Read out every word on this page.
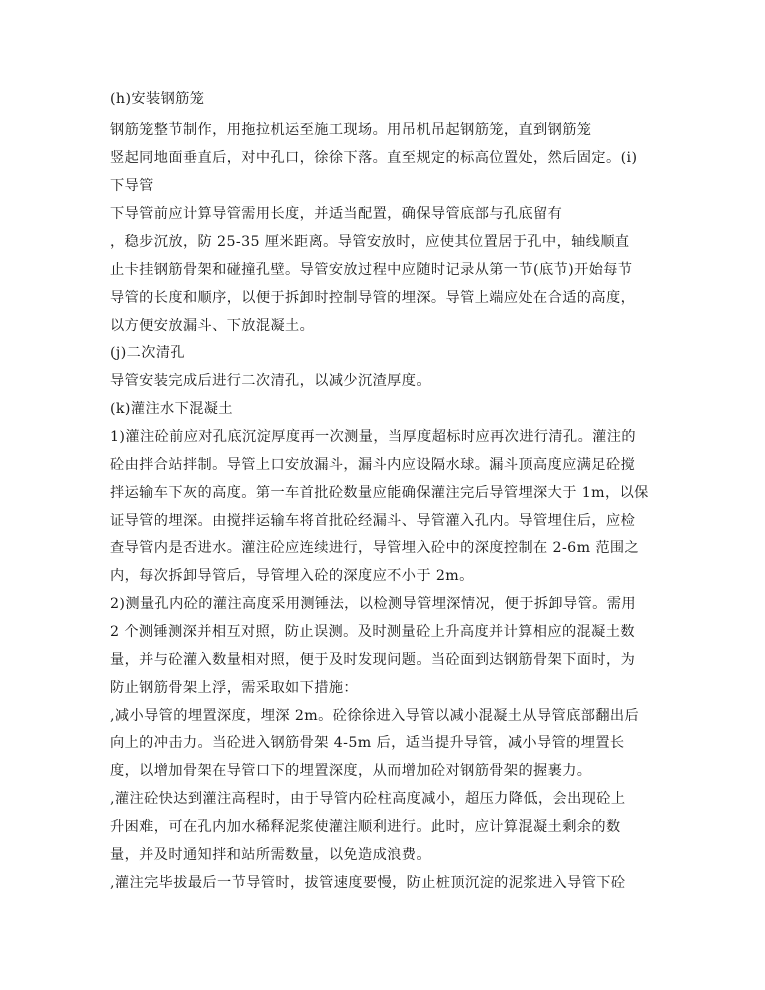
(h)安装钢筋笼
钢筋笼整节制作，用拖拉机运至施工现场。用吊机吊起钢筋笼，直到钢筋笼
竖起同地面垂直后，对中孔口，徐徐下落。直至规定的标高位置处，然后固定。(i)
下导管
下导管前应计算导管需用长度，并适当配置，确保导管底部与孔底留有
，稳步沉放，防 25-35 厘米距离。导管安放时，应使其位置居于孔中，轴线顺直
止卡挂钢筋骨架和碰撞孔壁。导管安放过程中应随时记录从第一节(底节)开始每节
导管的长度和顺序，以便于拆卸时控制导管的埋深。导管上端应处在合适的高度，
以方便安放漏斗、下放混凝土。
(j)二次清孔
导管安装完成后进行二次清孔，以减少沉渣厚度。
(k)灌注水下混凝土
1)灌注砼前应对孔底沉淀厚度再一次测量，当厚度超标时应再次进行清孔。灌注的
砼由拌合站拌制。导管上口安放漏斗，漏斗内应设隔水球。漏斗顶高度应满足砼搅
拌运输车下灰的高度。第一车首批砼数量应能确保灌注完后导管埋深大于 1m，以保
证导管的埋深。由搅拌运输车将首批砼经漏斗、导管灌入孔内。导管埋住后，应检
查导管内是否进水。灌注砼应连续进行，导管埋入砼中的深度控制在 2-6m 范围之
内，每次拆卸导管后，导管埋入砼的深度应不小于 2m。
2)测量孔内砼的灌注高度采用测锤法，以检测导管埋深情况，便于拆卸导管。需用
2 个测锤测深并相互对照，防止误测。及时测量砼上升高度并计算相应的混凝土数
量，并与砼灌入数量相对照，便于及时发现问题。当砼面到达钢筋骨架下面时，为
防止钢筋骨架上浮，需采取如下措施：
,减小导管的埋置深度，埋深 2m。砼徐徐进入导管以减小混凝土从导管底部翻出后
向上的冲击力。当砼进入钢筋骨架 4-5m 后，适当提升导管，减小导管的埋置长
度，以增加骨架在导管口下的埋置深度，从而增加砼对钢筋骨架的握裹力。
,灌注砼快达到灌注高程时，由于导管内砼柱高度减小，超压力降低，会出现砼上
升困难，可在孔内加水稀释泥浆使灌注顺利进行。此时，应计算混凝土剩余的数
量，并及时通知拌和站所需数量，以免造成浪费。
,灌注完毕拔最后一节导管时，拔管速度要慢，防止桩顶沉淀的泥浆进入导管下砼
